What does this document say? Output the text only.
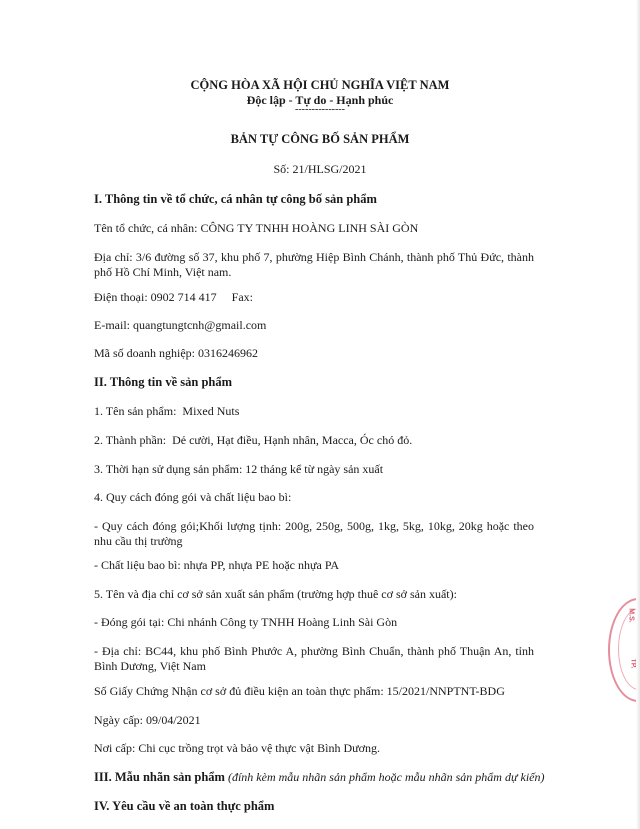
CỘNG HÒA XÃ HỘI CHỦ NGHĨA VIỆT NAM
Độc lập - Tự do - Hạnh phúc
---------------
BẢN TỰ CÔNG BỐ SẢN PHẨM
Số: 21/HLSG/2021
I. Thông tin về tổ chức, cá nhân tự công bố sản phẩm
Tên tổ chức, cá nhân: CÔNG TY TNHH HOÀNG LINH SÀI GÒN
Địa chỉ: 3/6 đường số 37, khu phố 7, phường Hiệp Bình Chánh, thành phố Thủ Đức, thành phố Hồ Chí Minh, Việt nam.
Điện thoại: 0902 714 417     Fax:
E-mail: quangtungtcnh@gmail.com
Mã số doanh nghiệp: 0316246962
II. Thông tin về sản phẩm
1. Tên sản phẩm:  Mixed Nuts
2. Thành phần:  Dẻ cười, Hạt điều, Hạnh nhân, Macca, Óc chó đỏ.
3. Thời hạn sử dụng sản phẩm: 12 tháng kể từ ngày sản xuất
4. Quy cách đóng gói và chất liệu bao bì:
- Quy cách đóng gói;Khối lượng tịnh: 200g, 250g, 500g, 1kg, 5kg, 10kg, 20kg hoặc theo nhu cầu thị trường
- Chất liệu bao bì: nhựa PP, nhựa PE hoặc nhựa PA
5. Tên và địa chỉ cơ sở sản xuất sản phẩm (trường hợp thuê cơ sở sản xuất):
- Đóng gói tại: Chi nhánh Công ty TNHH Hoàng Linh Sài Gòn
- Địa chỉ: BC44, khu phố Bình Phước A, phường Bình Chuẩn, thành phố Thuận An, tỉnh Bình Dương, Việt Nam
Số Giấy Chứng Nhận cơ sở đủ điều kiện an toàn thực phẩm: 15/2021/NNPTNT-BDG
Ngày cấp: 09/04/2021
Nơi cấp: Chi cục trồng trọt và bảo vệ thực vật Bình Dương.
III. Mẫu nhãn sản phẩm (đính kèm mẫu nhãn sản phẩm hoặc mẫu nhãn sản phẩm dự kiến)
IV. Yêu cầu về an toàn thực phẩm
M.S.
TP.
